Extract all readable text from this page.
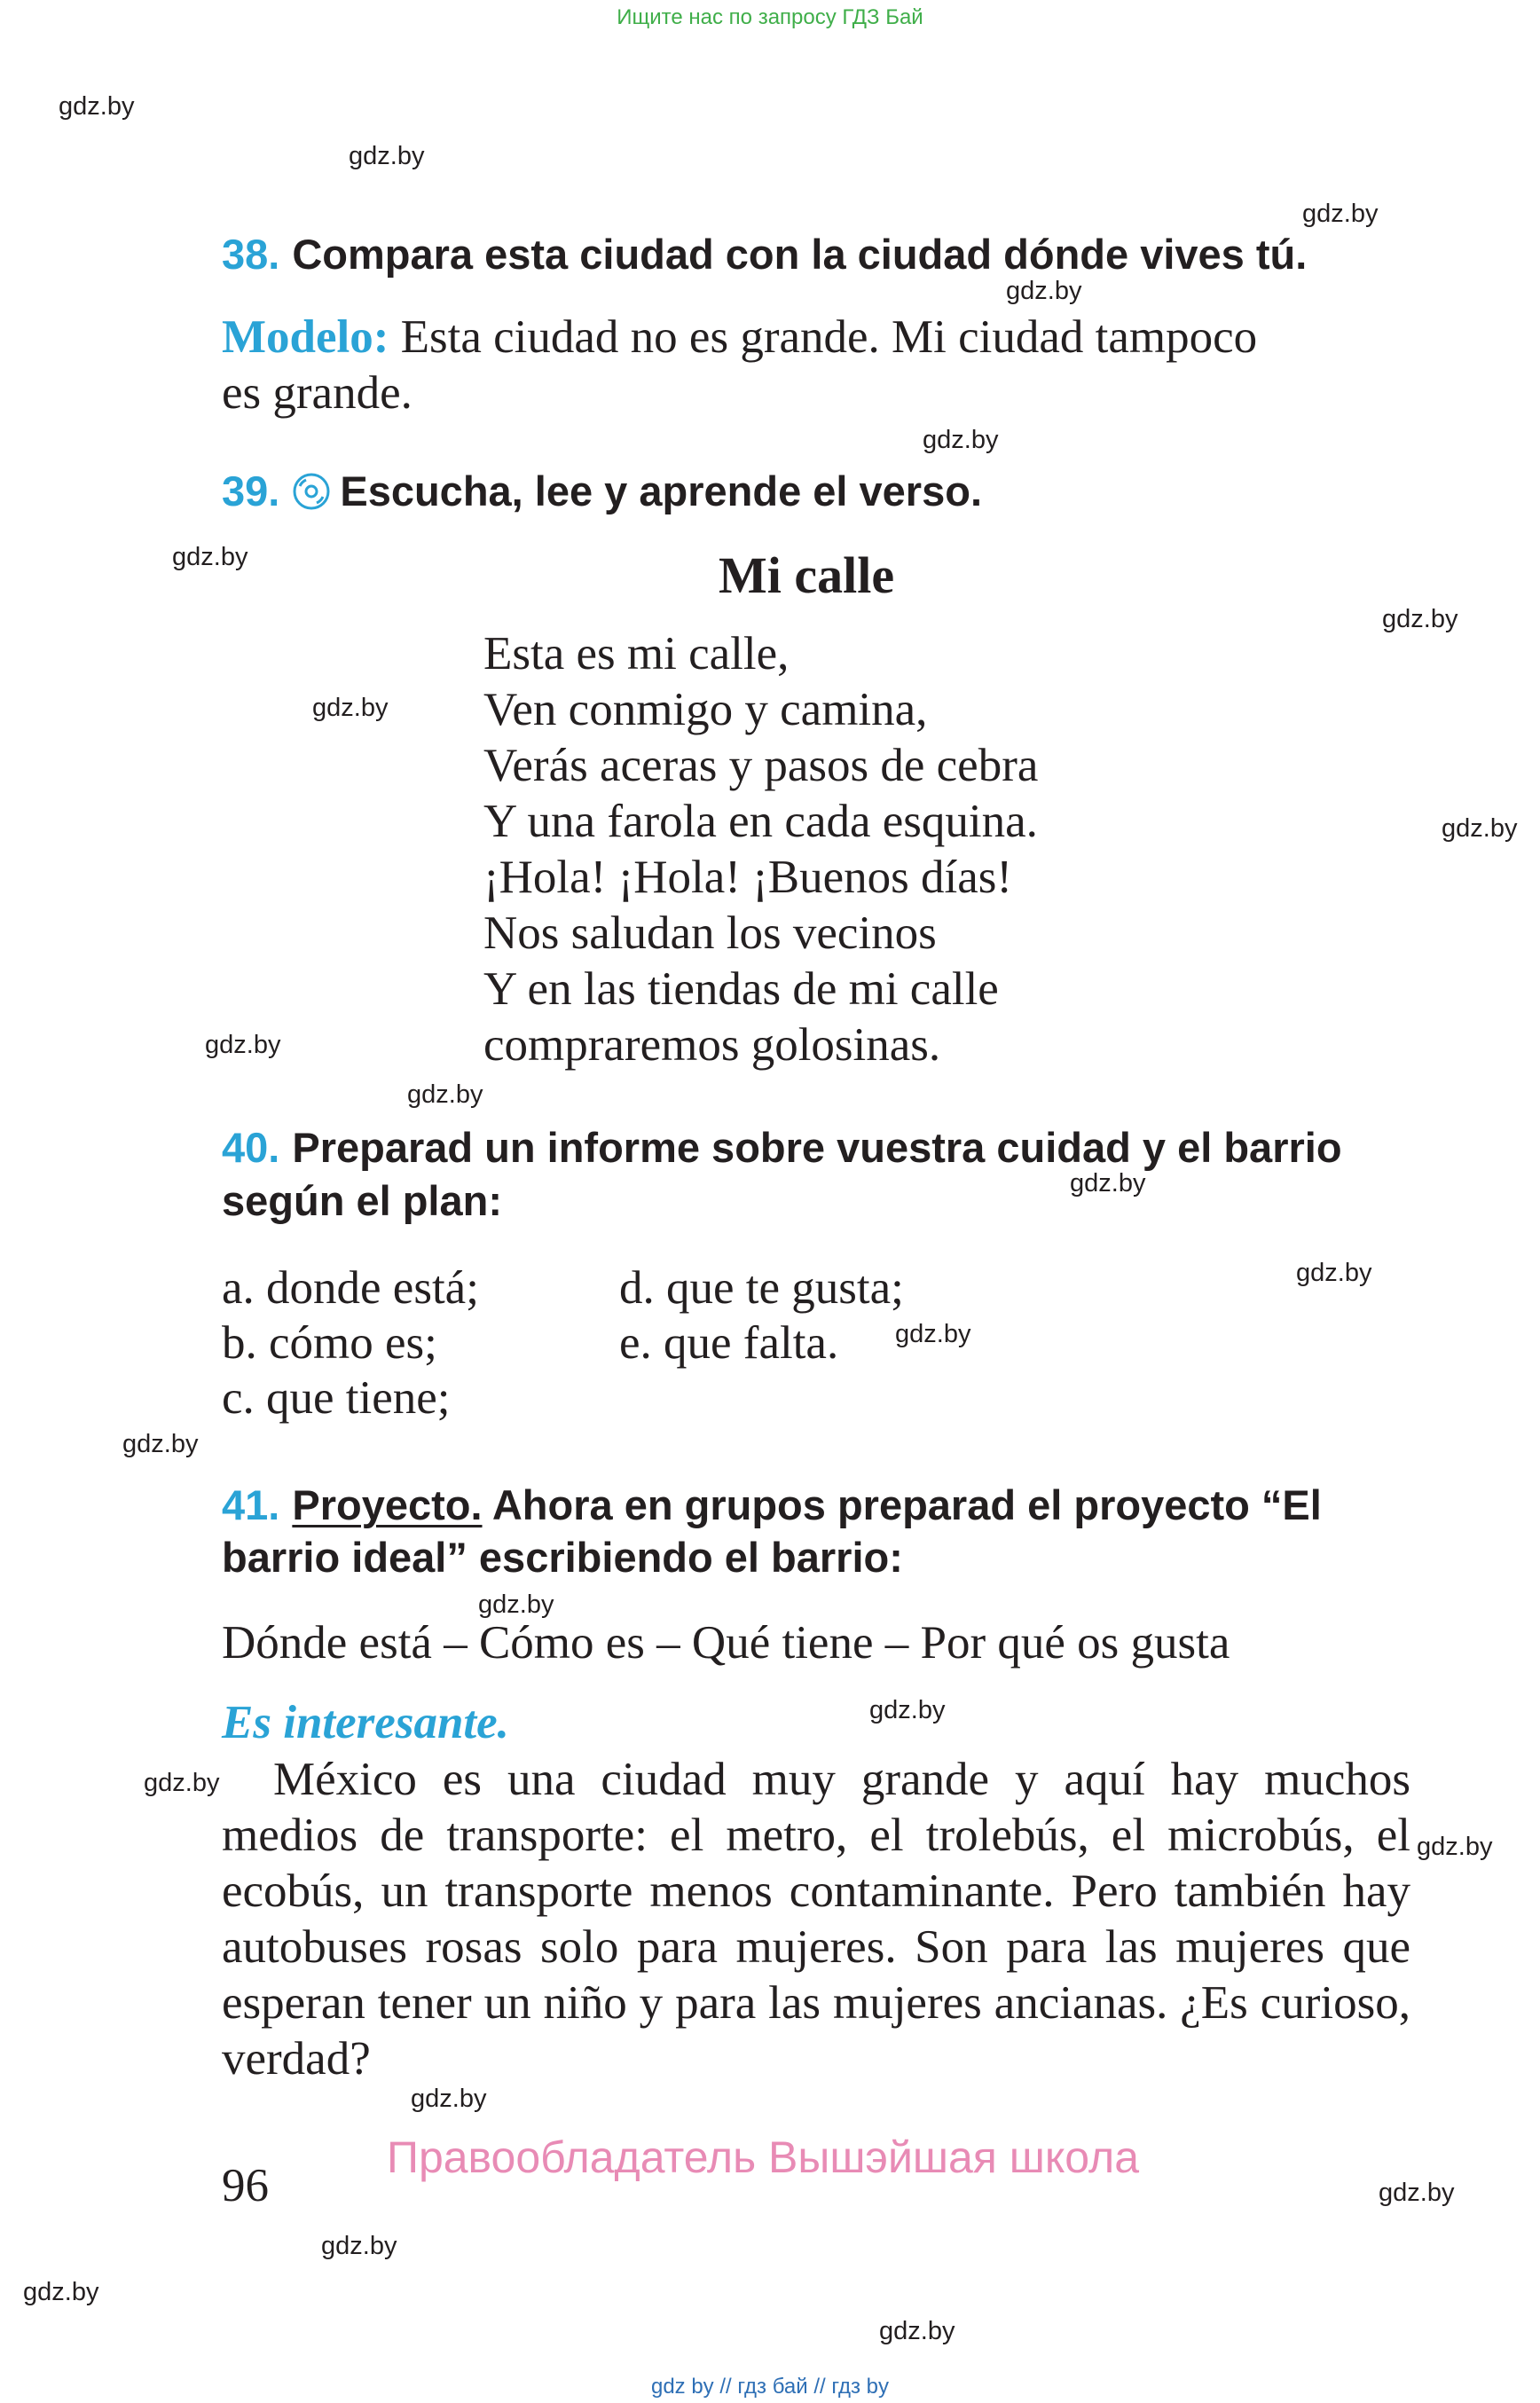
Ищите нас по запросу ГДЗ Бай
gdz.by
gdz.by
gdz.by
gdz.by
gdz.by
gdz.by
gdz.by
gdz.by
gdz.by
gdz.by
gdz.by
gdz.by
gdz.by
gdz.by
gdz.by
gdz.by
gdz.by
gdz.by
gdz.by
gdz.by
gdz.by
gdz.by
gdz.by
gdz.by
38. Compara esta ciudad con la ciudad dónde vives tú.
Modelo: Esta ciudad no es grande. Mi ciudad tampoco
es grande.
39. Escucha, lee y aprende el verso.
Mi calle
Esta es mi calle,
Ven conmigo y camina,
Verás aceras y pasos de cebra
Y una farola en cada esquina.
¡Hola! ¡Hola! ¡Buenos días!
Nos saludan los vecinos
Y en las tiendas de mi calle
compraremos golosinas.
40. Preparad un informe sobre vuestra cuidad y el barrio
según el plan:
a. donde está;
b. cómo es;
c. que tiene;
d. que te gusta;
e. que falta.
41. Proyecto. Ahora en grupos preparad el proyecto “El
barrio ideal” escribiendo el barrio:
Dónde está – Cómo es – Qué tiene – Por qué os gusta
Es interesante.
México es una ciudad muy grande y aquí hay muchos medios de transporte: el metro, el trolebús, el microbús, el ecobús, un transporte menos contaminante. Pero también hay autobuses rosas solo para mujeres. Son para las mujeres que esperan tener un niño y para las mujeres ancianas. ¿Es curioso, verdad?
96
Правообладатель Вышэйшая школа
gdz by // гдз бай // гдз by
